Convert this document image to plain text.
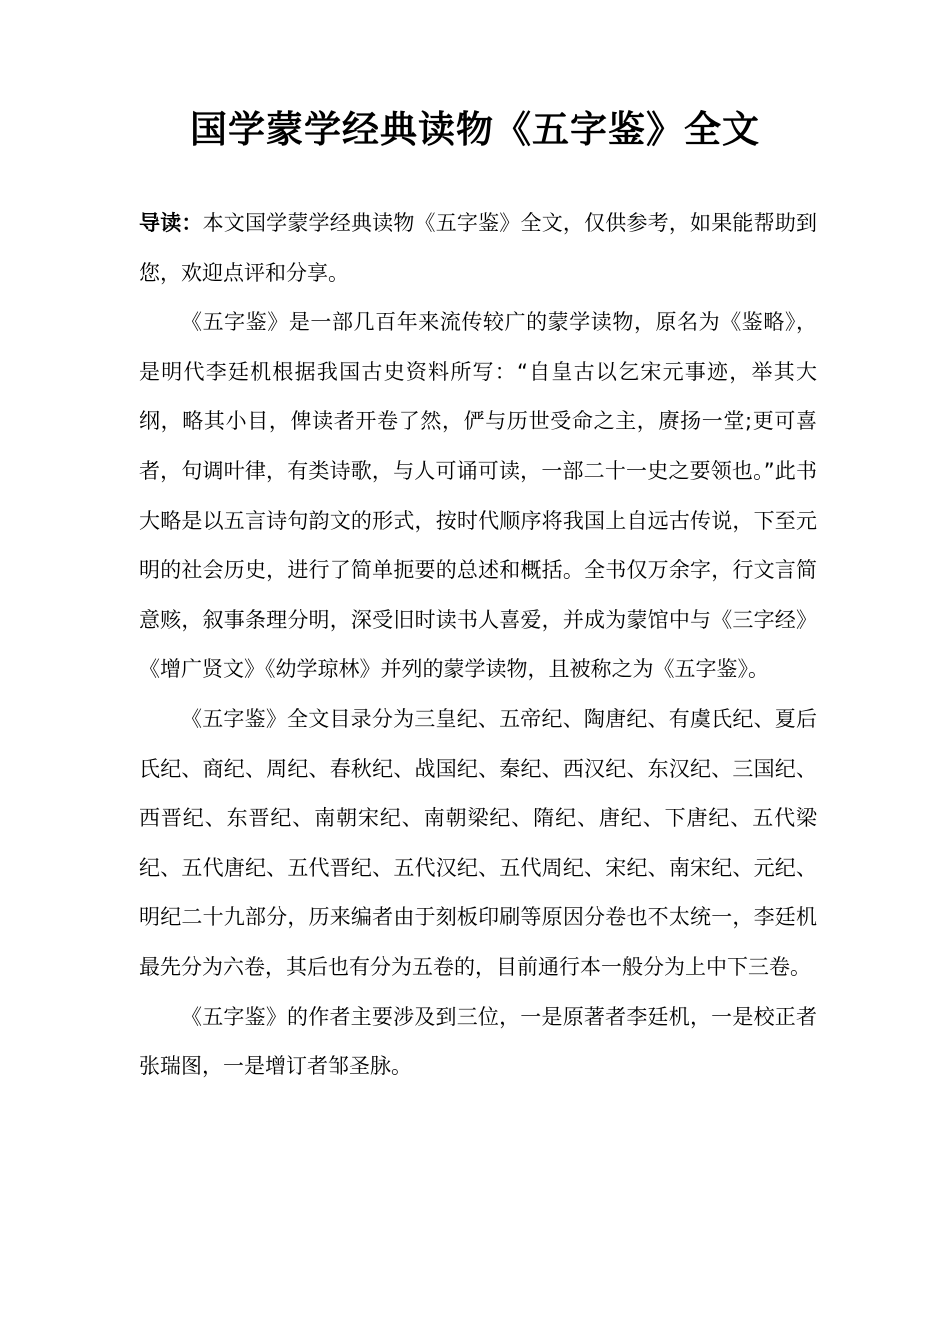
国学蒙学经典读物《五字鉴》全文

导读：本文国学蒙学经典读物《五字鉴》全文，仅供参考，如果能帮助到您，欢迎点评和分享。

《五字鉴》是一部几百年来流传较广的蒙学读物，原名为《鉴略》，是明代李廷机根据我国古史资料所写：“自皇古以乞宋元事迹，举其大纲，略其小目，俾读者开卷了然，俨与历世受命之主，赓扬一堂;更可喜者，句调叶律，有类诗歌，与人可诵可读，一部二十一史之要领也。”此书大略是以五言诗句韵文的形式，按时代顺序将我国上自远古传说，下至元明的社会历史，进行了简单扼要的总述和概括。全书仅万余字，行文言简意赅，叙事条理分明，深受旧时读书人喜爱，并成为蒙馆中与《三字经》《增广贤文》《幼学琼林》并列的蒙学读物，且被称之为《五字鉴》。

《五字鉴》全文目录分为三皇纪、五帝纪、陶唐纪、有虞氏纪、夏后氏纪、商纪、周纪、春秋纪、战国纪、秦纪、西汉纪、东汉纪、三国纪、西晋纪、东晋纪、南朝宋纪、南朝梁纪、隋纪、唐纪、下唐纪、五代梁纪、五代唐纪、五代晋纪、五代汉纪、五代周纪、宋纪、南宋纪、元纪、明纪二十九部分，历来编者由于刻板印刷等原因分卷也不太统一，李廷机最先分为六卷，其后也有分为五卷的，目前通行本一般分为上中下三卷。

《五字鉴》的作者主要涉及到三位，一是原著者李廷机，一是校正者张瑞图，一是增订者邹圣脉。
